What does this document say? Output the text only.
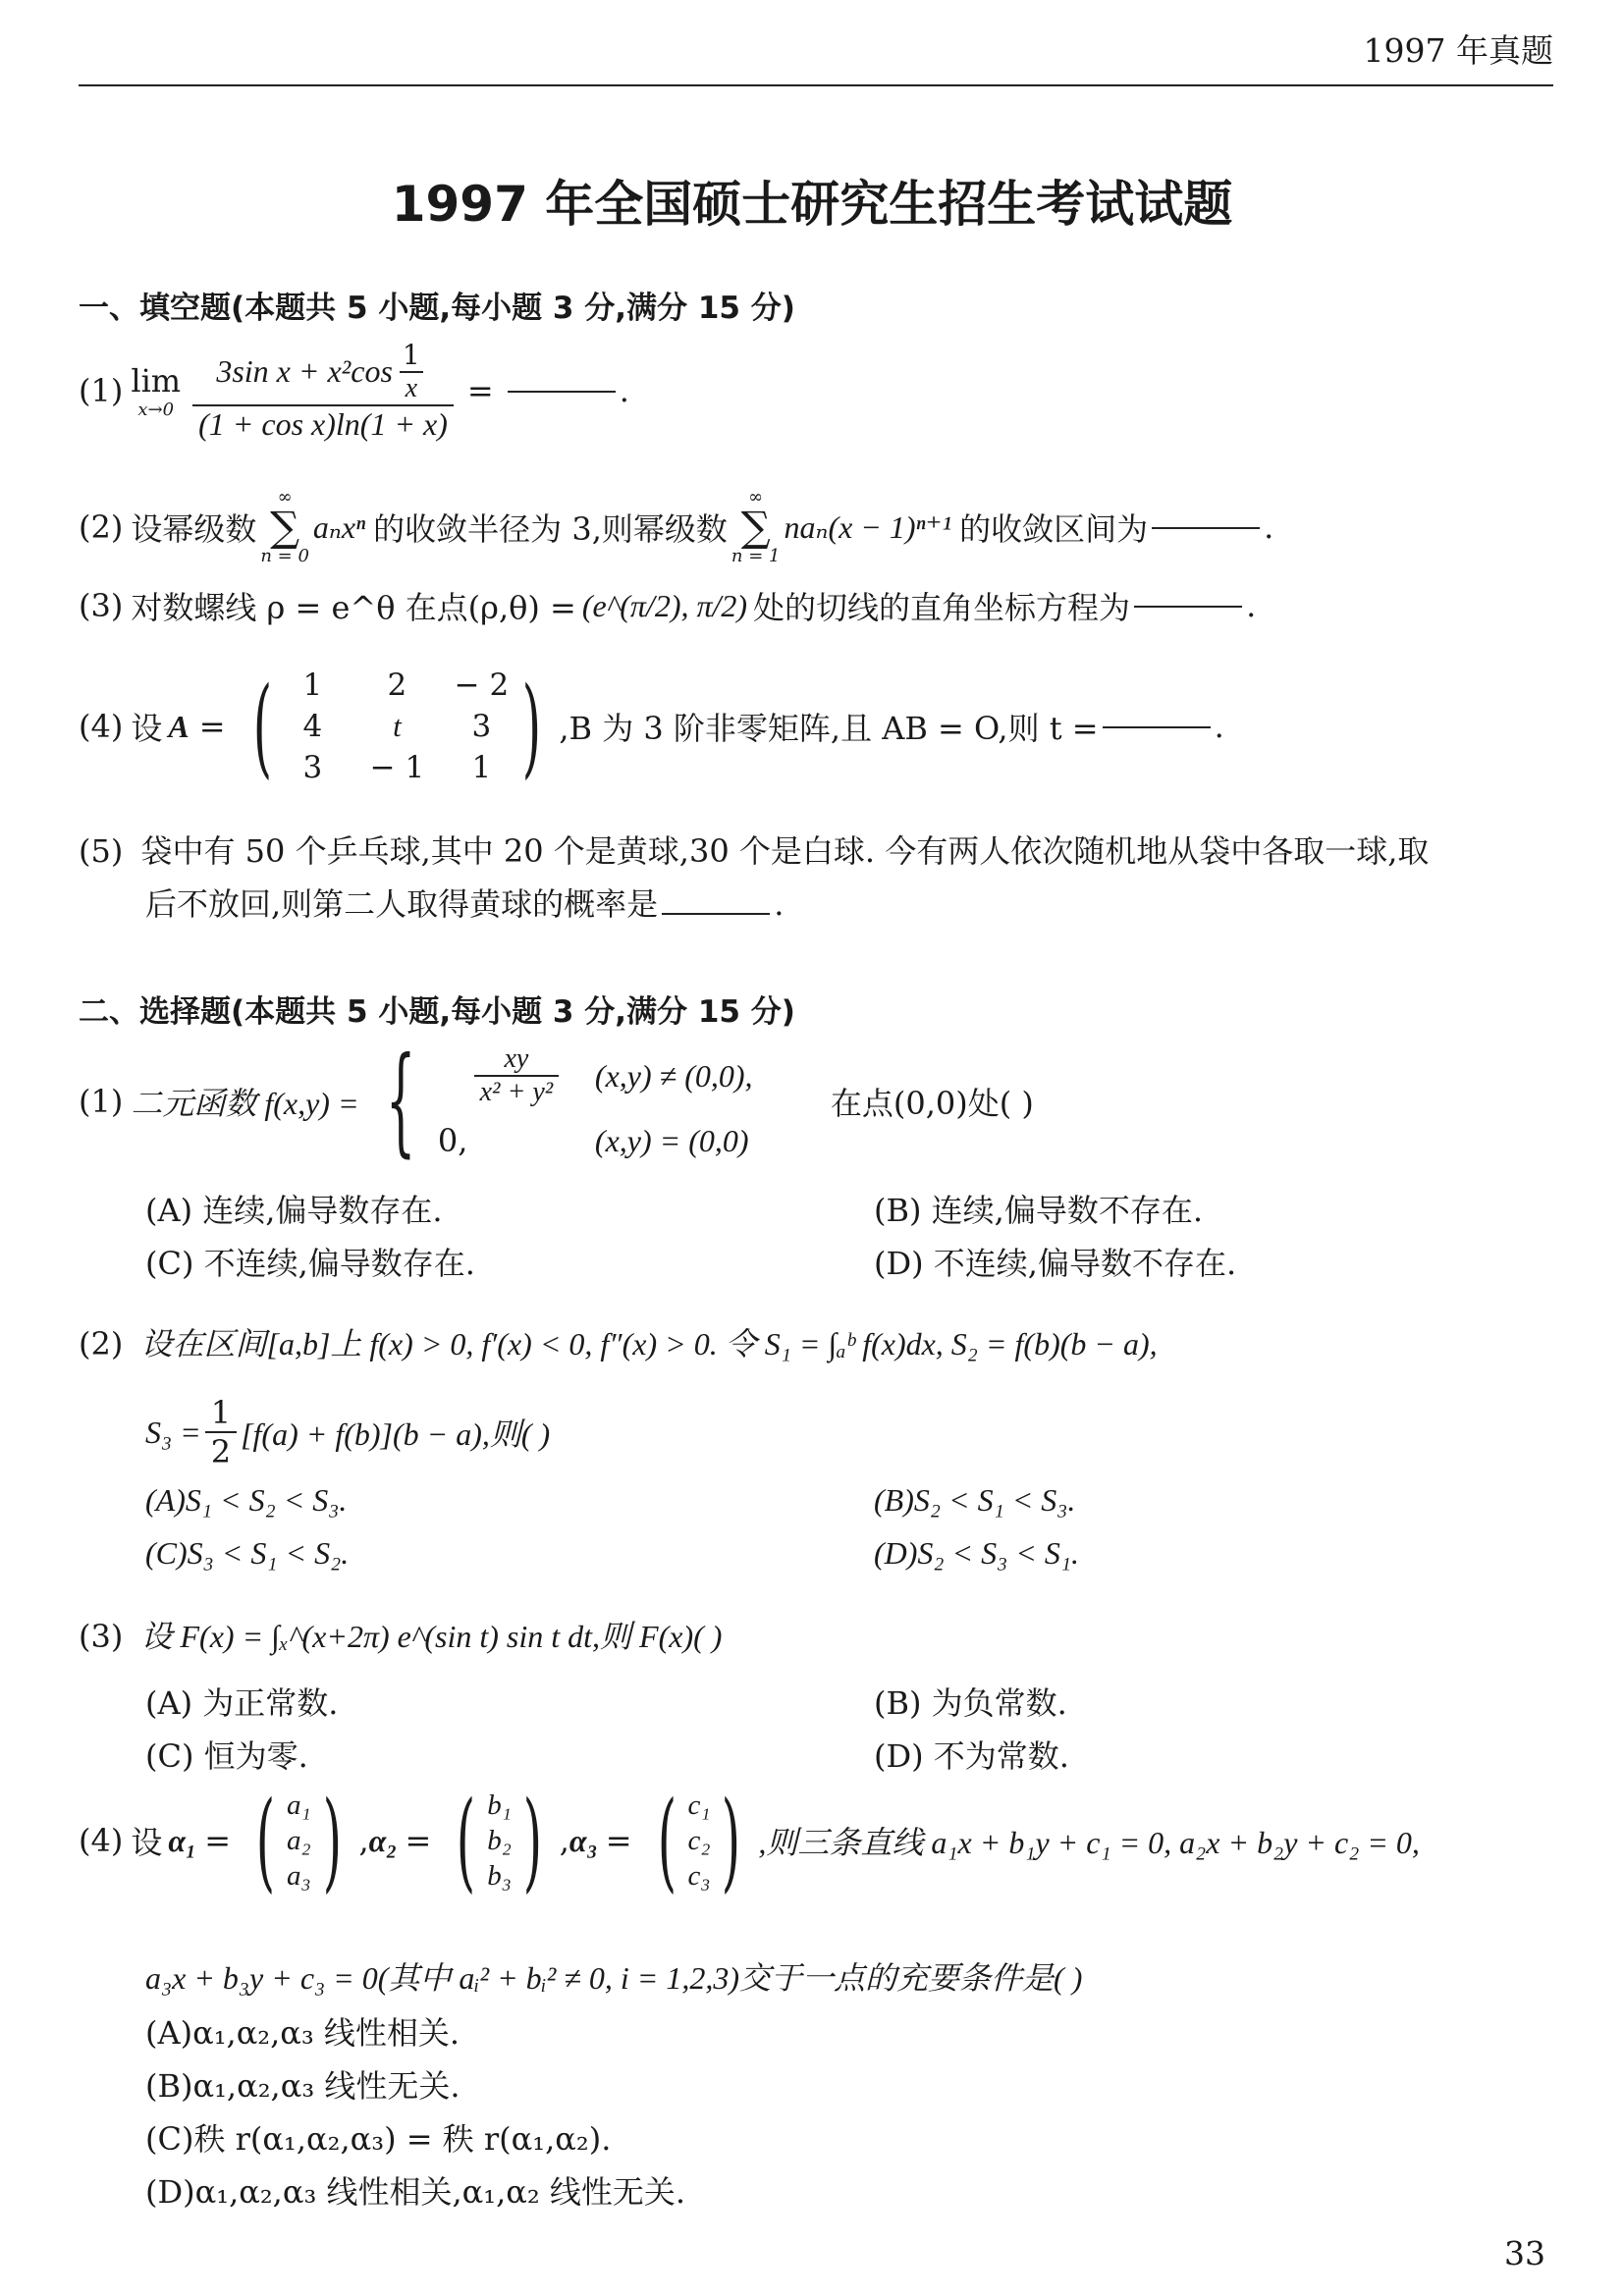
1997 年真题
1997 年全国硕士研究生招生考试试题
一、填空题(本题共 5 小题,每小题 3 分,满分 15 分)
(1) lim
$x\to 0 \frac{3\sin x + x^2\cos \frac{1}{x}}{\text{(1 + cos x)ln(1 + x)}}$ =	.
(2) 设幂级数
∞
∑
n = 0
aₙxⁿ 的收敛半径为 3,则幂级数
∞
∑
n = 1
naₙ(x − 1)ⁿ⁺¹ 的收敛区间为	.
(3) 对数螺线 ρ = e^θ 在点(ρ,θ) = (e^(π/2), π/2) 处的切线的直角坐标方程为	.
(4) 设 A = (	1	2	− 2
4	t	3
3	− 1	1 ) ,B 为 3 阶非零矩阵,且 AB = O,则 t =	.
(5) 袋中有 50 个乒乓球,其中 20 个是黄球,30 个是白球. 今有两人依次随机地从袋中各取一球,取
后不放回,则第二人取得黄球的概率是	.
二、选择题(本题共 5 小题,每小题 3 分,满分 15 分)
(1) 二元函数 f(x,y) = { $\frac{xy}{\text{x² + y²}} (x,y) \ne (0,0)$,
0,	(x,y) = (0,0)
在点(0,0)处( )
(A) 连续,偏导数存在.	(B) 连续,偏导数不存在.
(C) 不连续,偏导数存在.	(D) 不连续,偏导数不存在.
(2) 设在区间[a,b]上 f(x) > 0, f′(x) < 0, f″(x) > 0. 令 S₁ = ∫ₐᵇ f(x)dx, S₂ = f(b)(b − a),
$S_3 = \frac{1}{2} [f(a) + f(b)](b - a)$,则( )
(A)S₁ < S₂ < S₃.	(B)S₂ < S₁ < S₃.
(C)S₃ < S₁ < S₂.	(D)S₂ < S₃ < S₁.
(3) 设 F(x) = ∫ₓ^(x+2π) e^(sin t) sin t dt,则 F(x)( )
(A) 为正常数.	(B) 为负常数.
(C) 恒为零.	(D) 不为常数.
(4) 设 α₁ = ( a₁
a₂
a₃ ) , α₂ = ( b₁
b₂
b₃ ) , α₃ = ( c₁
c₂
c₃ ) ,则三条直线 a₁x + b₁y + c₁ = 0, a₂x + b₂y + c₂ = 0,
a₃x + b₃y + c₃ = 0(其中 aᵢ² + bᵢ² ≠ 0, i = 1,2,3)交于一点的充要条件是( )
(A)α₁,α₂,α₃ 线性相关.
(B)α₁,α₂,α₃ 线性无关.
(C)秩 r(α₁,α₂,α₃) = 秩 r(α₁,α₂).
(D)α₁,α₂,α₃ 线性相关,α₁,α₂ 线性无关.
33
